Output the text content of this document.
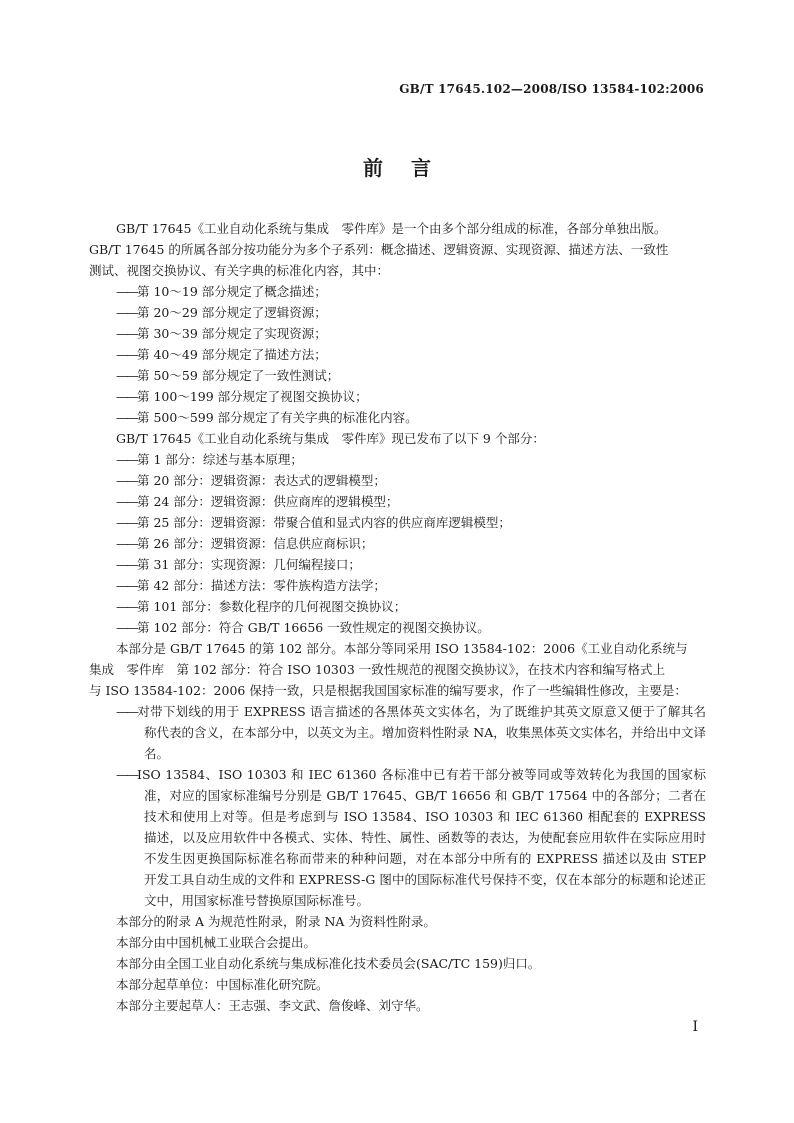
GB/T 17645.102—2008/ISO 13584-102:2006
前言

GB/T 17645《工业自动化系统与集成　零件库》是一个由多个部分组成的标准，各部分单独出版。

GB/T 17645 的所属各部分按功能分为多个子系列：概念描述、逻辑资源、实现资源、描述方法、一致性

测试、视图交换协议、有关字典的标准化内容，其中：

——第 10～19 部分规定了概念描述；

——第 20～29 部分规定了逻辑资源；

——第 30～39 部分规定了实现资源；

——第 40～49 部分规定了描述方法；

——第 50～59 部分规定了一致性测试；

——第 100～199 部分规定了视图交换协议；

——第 500～599 部分规定了有关字典的标准化内容。

GB/T 17645《工业自动化系统与集成　零件库》现已发布了以下 9 个部分：

——第 1 部分：综述与基本原理；

——第 20 部分：逻辑资源：表达式的逻辑模型；

——第 24 部分：逻辑资源：供应商库的逻辑模型；

——第 25 部分：逻辑资源：带聚合值和显式内容的供应商库逻辑模型；

——第 26 部分：逻辑资源：信息供应商标识；

——第 31 部分：实现资源：几何编程接口；

——第 42 部分：描述方法：零件族构造方法学；

——第 101 部分：参数化程序的几何视图交换协议；

——第 102 部分：符合 GB/T 16656 一致性规定的视图交换协议。

本部分是 GB/T 17645 的第 102 部分。本部分等同采用 ISO 13584-102：2006《工业自动化系统与

集成　零件库　第 102 部分：符合 ISO 10303 一致性规范的视图交换协议》，在技术内容和编写格式上

与 ISO 13584-102：2006 保持一致，只是根据我国国家标准的编写要求，作了一些编辑性修改，主要是：

——对带下划线的用于 EXPRESS 语言描述的各黑体英文实体名，为了既维护其英文原意又便于了解其名称代表的含义，在本部分中，以英文为主。增加资料性附录 NA，收集黑体英文实体名，并给出中文译名。

——ISO 13584、ISO 10303 和 IEC 61360 各标准中已有若干部分被等同或等效转化为我国的国家标准，对应的国家标准编号分别是 GB/T 17645、GB/T 16656 和 GB/T 17564 中的各部分；二者在技术和使用上对等。但是考虑到与 ISO 13584、ISO 10303 和 IEC 61360 相配套的 EXPRESS 描述，以及应用软件中各模式、实体、特性、属性、函数等的表达，为使配套应用软件在实际应用时不发生因更换国际标准名称而带来的种种问题，对在本部分中所有的 EXPRESS 描述以及由 STEP 开发工具自动生成的文件和 EXPRESS-G 图中的国际标准代号保持不变，仅在本部分的标题和论述正文中，用国家标准号替换原国际标准号。

本部分的附录 A 为规范性附录，附录 NA 为资料性附录。

本部分由中国机械工业联合会提出。

本部分由全国工业自动化系统与集成标准化技术委员会(SAC/TC 159)归口。

本部分起草单位：中国标准化研究院。

本部分主要起草人：王志强、李文武、詹俊峰、刘守华。

I
